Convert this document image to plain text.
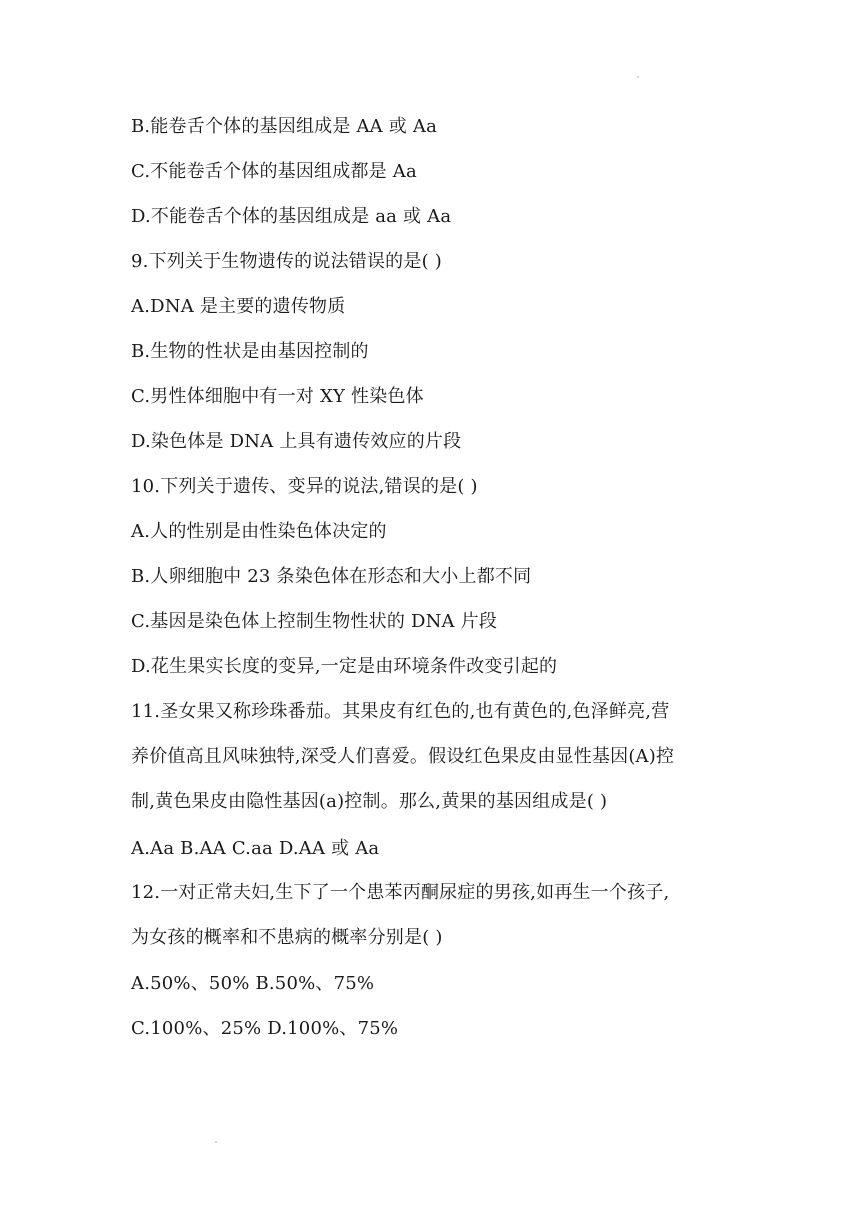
B.能卷舌个体的基因组成是 AA 或 Aa
C.不能卷舌个体的基因组成都是 Aa
D.不能卷舌个体的基因组成是 aa 或 Aa
9.下列关于生物遗传的说法错误的是( )
A.DNA 是主要的遗传物质
B.生物的性状是由基因控制的
C.男性体细胞中有一对 XY 性染色体
D.染色体是 DNA 上具有遗传效应的片段
10.下列关于遗传、变异的说法,错误的是( )
A.人的性别是由性染色体决定的
B.人卵细胞中 23 条染色体在形态和大小上都不同
C.基因是染色体上控制生物性状的 DNA 片段
D.花生果实长度的变异,一定是由环境条件改变引起的
11.圣女果又称珍珠番茄。其果皮有红色的,也有黄色的,色泽鲜亮,营
养价值高且风味独特,深受人们喜爱。假设红色果皮由显性基因(A)控
制,黄色果皮由隐性基因(a)控制。那么,黄果的基因组成是( )
A.Aa B.AA C.aa D.AA 或 Aa
12.一对正常夫妇,生下了一个患苯丙酮尿症的男孩,如再生一个孩子,
为女孩的概率和不患病的概率分别是( )
A.50%、50% B.50%、75%
C.100%、25% D.100%、75%
